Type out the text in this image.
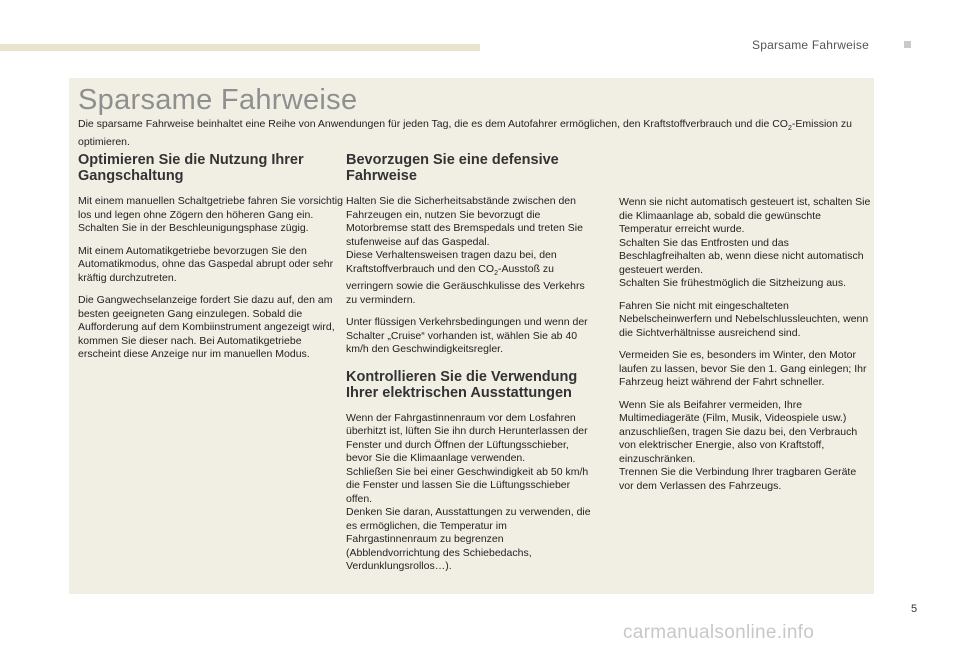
Sparsame Fahrweise
Sparsame Fahrweise

Die sparsame Fahrweise beinhaltet eine Reihe von Anwendungen für jeden Tag, die es dem Autofahrer ermöglichen, den Kraftstoffverbrauch und die $CO_2$-Emission zu optimieren.

Optimieren Sie die Nutzung Ihrer Gangschaltung

Mit einem manuellen Schaltgetriebe fahren Sie vorsichtig los und legen ohne Zögern den höheren Gang ein. Schalten Sie in der Beschleunigungsphase zügig.

Mit einem Automatikgetriebe bevorzugen Sie den Automatikmodus, ohne das Gaspedal abrupt oder sehr kräftig durchzutreten.

Die Gangwechselanzeige fordert Sie dazu auf, den am besten geeigneten Gang einzulegen. Sobald die Aufforderung auf dem Kombiinstrument angezeigt wird, kommen Sie dieser nach. Bei Automatikgetriebe erscheint diese Anzeige nur im manuellen Modus.

Bevorzugen Sie eine defensive Fahrweise

Halten Sie die Sicherheitsabstände zwischen den Fahrzeugen ein, nutzen Sie bevorzugt die Motorbremse statt des Bremspedals und treten Sie stufenweise auf das Gaspedal.
Diese Verhaltensweisen tragen dazu bei, den Kraftstoffverbrauch und den $CO_2$-Ausstoß zu verringern sowie die Geräuschkulisse des Verkehrs zu vermindern.

Unter flüssigen Verkehrsbedingungen und wenn der Schalter „Cruise“ vorhanden ist, wählen Sie ab 40 km/h den Geschwindigkeitsregler.

Kontrollieren Sie die Verwendung Ihrer elektrischen Ausstattungen

Wenn der Fahrgastinnenraum vor dem Losfahren überhitzt ist, lüften Sie ihn durch Herunterlassen der Fenster und durch Öffnen der Lüftungsschieber, bevor Sie die Klimaanlage verwenden.
Schließen Sie bei einer Geschwindigkeit ab 50 km/h die Fenster und lassen Sie die Lüftungsschieber offen.
Denken Sie daran, Ausstattungen zu verwenden, die es ermöglichen, die Temperatur im Fahrgastinnenraum zu begrenzen (Abblendvorrichtung des Schiebedachs, Verdunklungsrollos…).

Wenn sie nicht automatisch gesteuert ist, schalten Sie die Klimaanlage ab, sobald die gewünschte Temperatur erreicht wurde.
Schalten Sie das Entfrosten und das Beschlagfreihalten ab, wenn diese nicht automatisch gesteuert werden.
Schalten Sie frühestmöglich die Sitzheizung aus.

Fahren Sie nicht mit eingeschalteten Nebelscheinwerfern und Nebelschlussleuchten, wenn die Sichtverhältnisse ausreichend sind.

Vermeiden Sie es, besonders im Winter, den Motor laufen zu lassen, bevor Sie den 1. Gang einlegen; Ihr Fahrzeug heizt während der Fahrt schneller.

Wenn Sie als Beifahrer vermeiden, Ihre Multimediageräte (Film, Musik, Videospiele usw.) anzuschließen, tragen Sie dazu bei, den Verbrauch von elektrischer Energie, also von Kraftstoff, einzuschränken.
Trennen Sie die Verbindung Ihrer tragbaren Geräte vor dem Verlassen des Fahrzeugs.

5
carmanualsonline.info
